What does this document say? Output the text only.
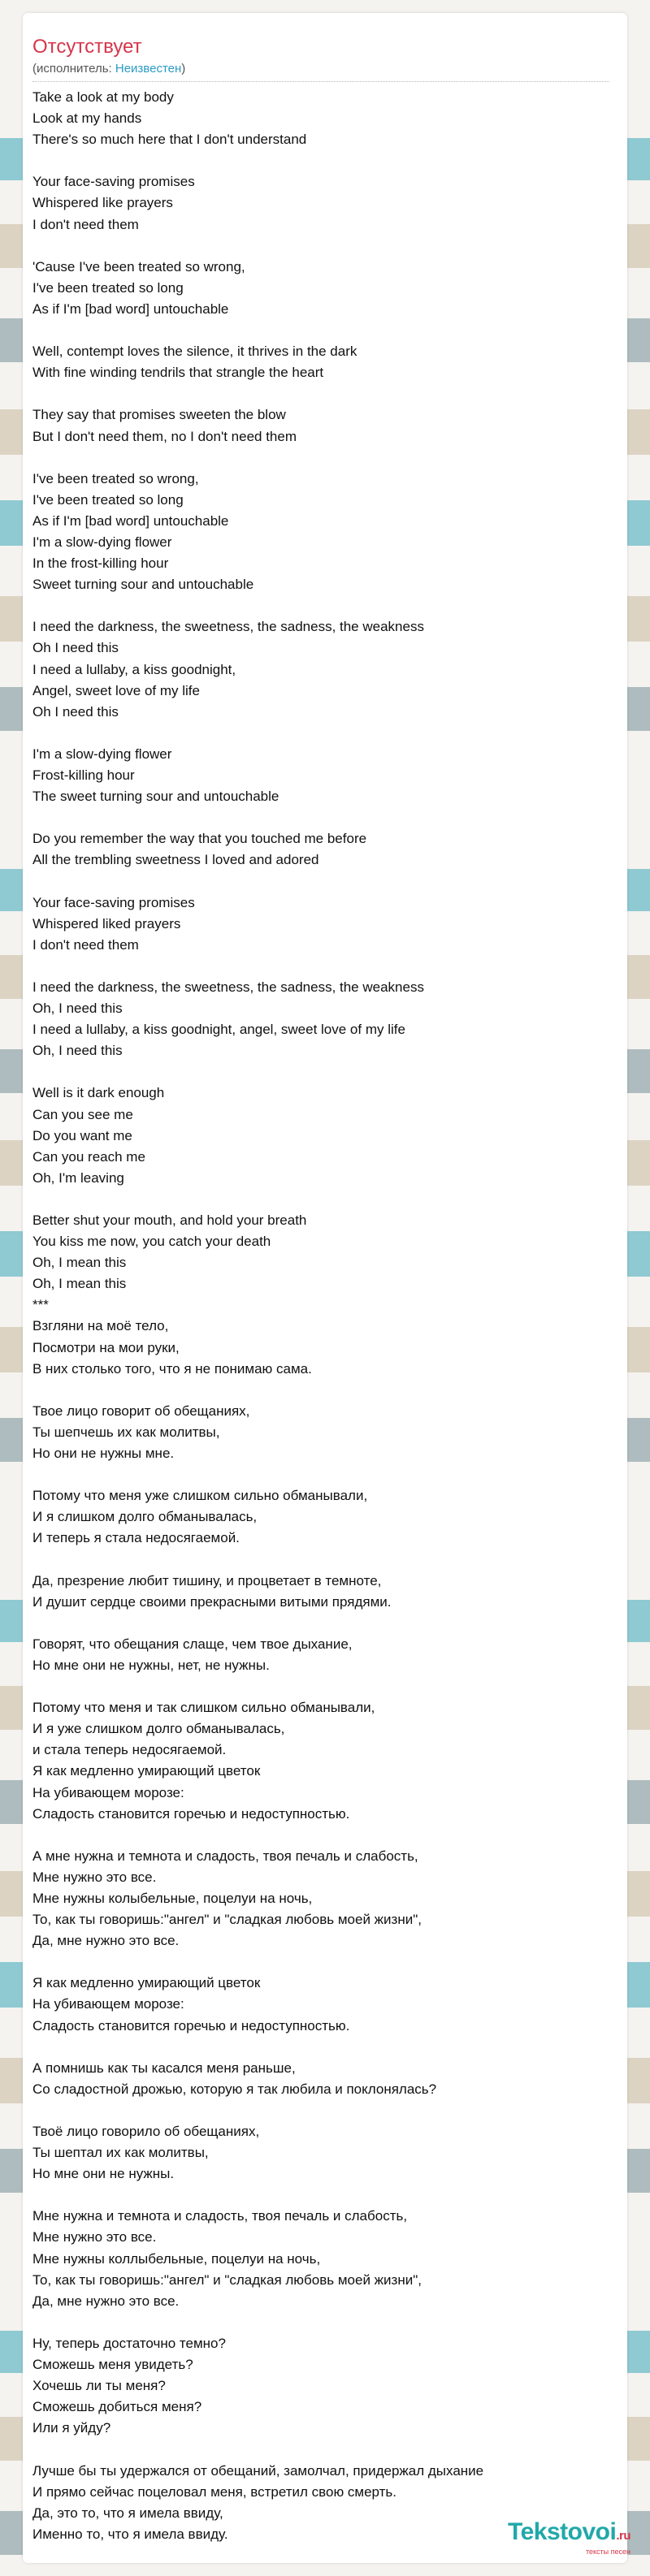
Отсутствует
(исполнитель: Неизвестен)
Take a look at my body
Look at my hands
There's so much here that I don't understand

Your face-saving promises
Whispered like prayers
I don't need them

'Cause I've been treated so wrong,
I've been treated so long
As if I'm [bad word] untouchable

Well, contempt loves the silence, it thrives in the dark
With fine winding tendrils that strangle the heart

They say that promises sweeten the blow
But I don't need them, no I don't need them

I've been treated so wrong,
I've been treated so long
As if I'm [bad word] untouchable
I'm a slow-dying flower
In the frost-killing hour
Sweet turning sour and untouchable

I need the darkness, the sweetness, the sadness, the weakness
Oh I need this
I need a lullaby, a kiss goodnight,
Angel, sweet love of my life
Oh I need this

I'm a slow-dying flower
Frost-killing hour
The sweet turning sour and untouchable

Do you remember the way that you touched me before
All the trembling sweetness I loved and adored

Your face-saving promises
Whispered liked prayers
I don't need them

I need the darkness, the sweetness, the sadness, the weakness
Oh, I need this
I need a lullaby, a kiss goodnight, angel, sweet love of my life
Oh, I need this

Well is it dark enough
Can you see me
Do you want me
Can you reach me
Oh, I'm leaving

Better shut your mouth, and hold your breath
You kiss me now, you catch your death
Oh, I mean this
Oh, I mean this
***
Взгляни на моё тело,
Посмотри на мои руки,
В них столько того, что я не понимаю сама.

Твое лицо говорит об обещаниях,
Ты шепчешь их как молитвы,
Но они не нужны мне.

Потому что меня уже слишком сильно обманывали,
И я слишком долго обманывалась,
И теперь я стала недосягаемой.

Да, презрение любит тишину, и процветает в темноте,
И душит сердце своими прекрасными витыми прядями.

Говорят, что обещания слаще, чем твое дыхание,
Но мне они не нужны, нет, не нужны.

Потому что меня и так слишком сильно обманывали,
И я уже слишком долго обманывалась,
и стала теперь недосягаемой.
Я как медленно умирающий цветок
На убивающем морозе:
Сладость становится горечью и недоступностью.

А мне нужна и темнота и сладость, твоя печаль и слабость,
Мне нужно это все.
Мне нужны колыбельные, поцелуи на ночь,
То, как ты говоришь:"ангел" и "сладкая любовь моей жизни",
Да, мне нужно это все.

Я как медленно умирающий цветок
На убивающем морозе:
Сладость становится горечью и недоступностью.

А помнишь как ты касался меня раньше,
Со сладостной дрожью, которую я так любила и поклонялась?

Твоё лицо говорило об обещаниях,
Ты шептал их как молитвы,
Но мне они не нужны.

Мне нужна и темнота и сладость, твоя печаль и слабость,
Мне нужно это все.
Мне нужны коллыбельные, поцелуи на ночь,
То, как ты говоришь:"ангел" и "сладкая любовь моей жизни",
Да, мне нужно это все.

Ну, теперь достаточно темно?
Сможешь меня увидеть?
Хочешь ли ты меня?
Сможешь добиться меня?
Или я уйду?

Лучше бы ты удержался от обещаний, замолчал, придержал дыхание
И прямо сейчас поцеловал меня, встретил свою смерть.
Да, это то, что я имела ввиду,
Именно то, что я имела ввиду.	Tekstovoi.ru
тексты песен
